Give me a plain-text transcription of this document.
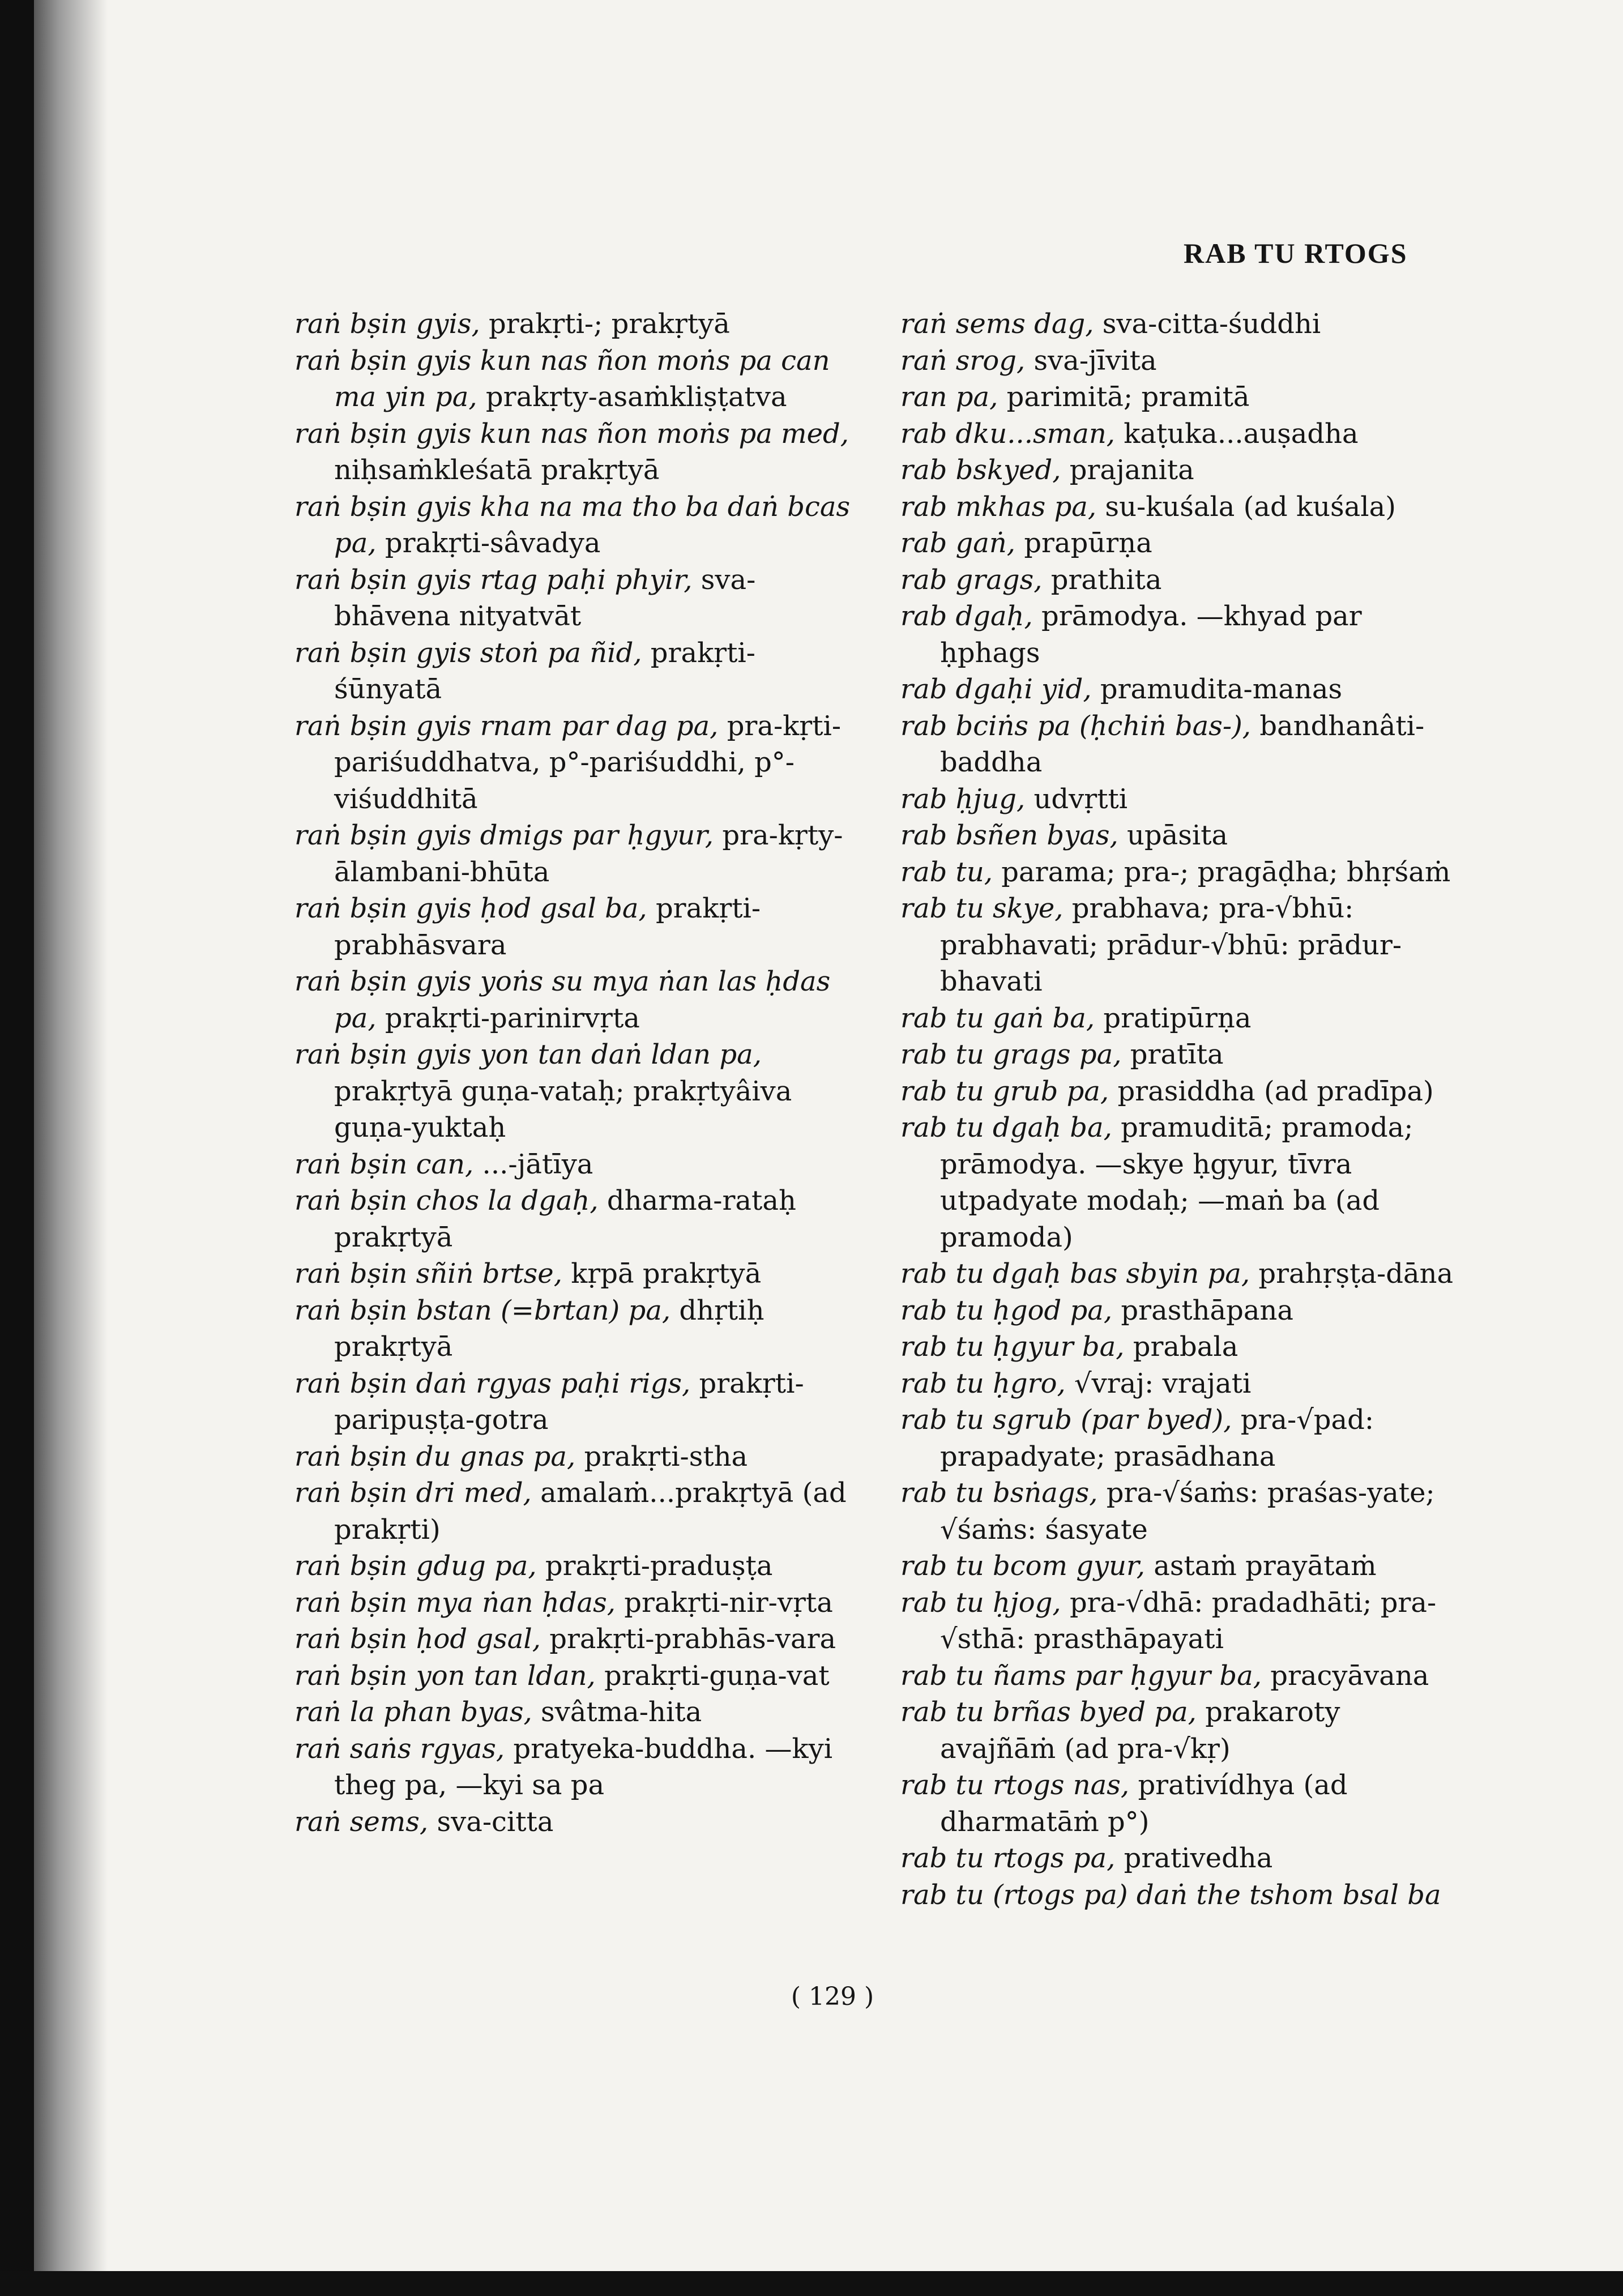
RAB TU RTOGS

raṅ bṣin gyis, prakṛti-; prakṛtyā

raṅ bṣin gyis kun nas ñon moṅs pa can ma yin pa, prakṛty-asaṁkliṣṭatva

raṅ bṣin gyis kun nas ñon moṅs pa med, niḥsaṁkleśatā prakṛtyā

raṅ bṣin gyis kha na ma tho ba daṅ bcas pa, prakṛti-sâvadya

raṅ bṣin gyis rtag paḥi phyir, sva-bhāvena nityatvāt

raṅ bṣin gyis stoṅ pa ñid, prakṛti-śūnyatā

raṅ bṣin gyis rnam par dag pa, pra-kṛti-pariśuddhatva, p°-pariśuddhi, p°-viśuddhitā

raṅ bṣin gyis dmigs par ḥgyur, pra-kṛty-ālambani-bhūta

raṅ bṣin gyis ḥod gsal ba, prakṛti-prabhāsvara

raṅ bṣin gyis yoṅs su mya ṅan las ḥdas pa, prakṛti-parinirvṛta

raṅ bṣin gyis yon tan daṅ ldan pa, prakṛtyā guṇa-vataḥ; prakṛtyâiva guṇa-yuktaḥ

raṅ bṣin can, ...-jātīya

raṅ bṣin chos la dgaḥ, dharma-rataḥ prakṛtyā

raṅ bṣin sñiṅ brtse, kṛpā prakṛtyā

raṅ bṣin bstan (=brtan) pa, dhṛtiḥ prakṛtyā

raṅ bṣin daṅ rgyas paḥi rigs, prakṛti-paripuṣṭa-gotra

raṅ bṣin du gnas pa, prakṛti-stha

raṅ bṣin dri med, amalaṁ...prakṛtyā (ad prakṛti)

raṅ bṣin gdug pa, prakṛti-praduṣṭa

raṅ bṣin mya ṅan ḥdas, prakṛti-nir-vṛta

raṅ bṣin ḥod gsal, prakṛti-prabhās-vara

raṅ bṣin yon tan ldan, prakṛti-guṇa-vat

raṅ la phan byas, svâtma-hita

raṅ saṅs rgyas, pratyeka-buddha. —kyi theg pa, —kyi sa pa

raṅ sems, sva-citta

raṅ sems dag, sva-citta-śuddhi

raṅ srog, sva-jīvita

ran pa, parimitā; pramitā

rab dku...sman, kaṭuka...auṣadha

rab bskyed, prajanita

rab mkhas pa, su-kuśala (ad kuśala)

rab gaṅ, prapūrṇa

rab grags, prathita

rab dgaḥ, prāmodya. —khyad par ḥphags

rab dgaḥi yid, pramudita-manas

rab bciṅs pa (ḥchiṅ bas-), bandhanâti-baddha

rab ḥjug, udvṛtti

rab bsñen byas, upāsita

rab tu, parama; pra-; pragāḍha; bhṛśaṁ

rab tu skye, prabhava; pra-√bhū: prabhavati; prādur-√bhū: prādur-bhavati

rab tu gaṅ ba, pratipūrṇa

rab tu grags pa, pratīta

rab tu grub pa, prasiddha (ad pradīpa)

rab tu dgaḥ ba, pramuditā; pramoda; prāmodya. —skye ḥgyur, tīvra utpadyate modaḥ; —maṅ ba (ad pramoda)

rab tu dgaḥ bas sbyin pa, prahṛṣṭa-dāna

rab tu ḥgod pa, prasthāpana

rab tu ḥgyur ba, prabala

rab tu ḥgro, √vraj: vrajati

rab tu sgrub (par byed), pra-√pad: prapadyate; prasādhana

rab tu bsṅags, pra-√śaṁs: praśas-yate; √śaṁs: śasyate

rab tu bcom gyur, astaṁ prayātaṁ

rab tu ḥjog, pra-√dhā: pradadhāti; pra-√sthā: prasthāpayati

rab tu ñams par ḥgyur ba, pracyāvana

rab tu brñas byed pa, prakaroty avajñāṁ (ad pra-√kṛ)

rab tu rtogs nas, prativídhya (ad dharmatāṁ p°)

rab tu rtogs pa, prativedha

rab tu (rtogs pa) daṅ the tshom bsal ba

( 129 )
